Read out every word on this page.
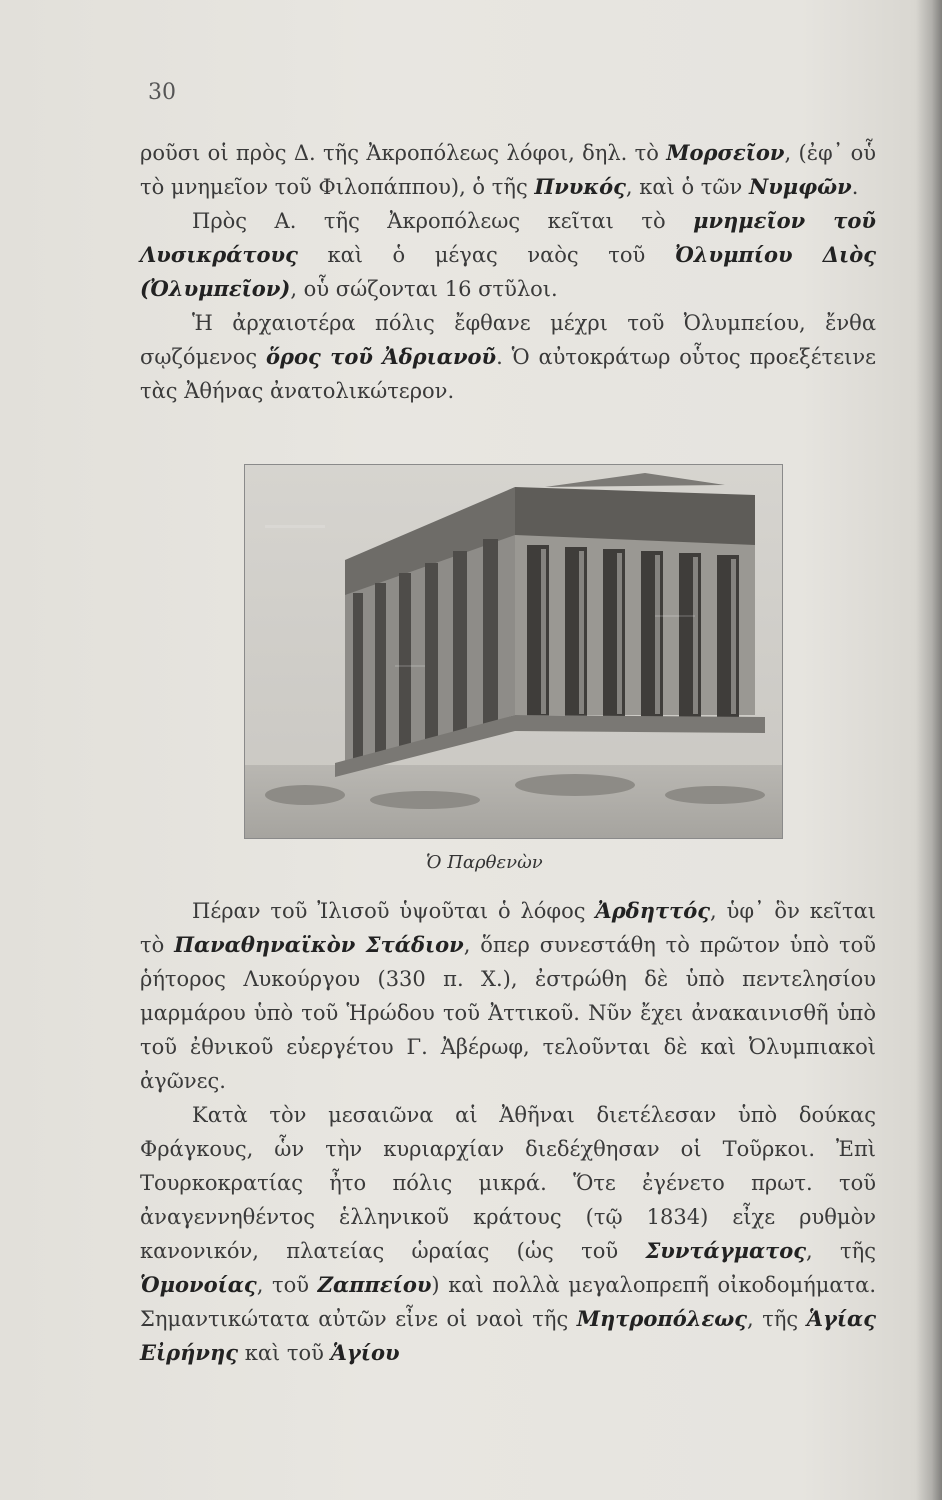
30

ροῦσι οἱ πρὸς Δ. τῆς Ἀκροπόλεως λόφοι, δηλ. τὸ Μορσεῖον, (ἐφ᾿ οὗ τὸ μνημεῖον τοῦ Φιλοπάππου), ὁ τῆς Πνυκός, καὶ ὁ τῶν Νυμφῶν.

Πρὸς Α. τῆς Ἀκροπόλεως κεῖται τὸ μνημεῖον τοῦ Λυσικράτους καὶ ὁ μέγας ναὸς τοῦ Ὀλυμπίου Διὸς (Ὀλυμπεῖον), οὗ σώζονται 16 στῦλοι.

Ἡ ἀρχαιοτέρα πόλις ἔφθανε μέχρι τοῦ Ὀλυμπείου, ἔνθα σῳζόμενος ὅρος τοῦ Ἀδριανοῦ. Ὁ αὐτοκράτωρ οὗτος προεξέτεινε τὰς Ἀθήνας ἀνατολικώτερον.

Ὁ Παρθενὼν

Πέραν τοῦ Ἰλισοῦ ὑψοῦται ὁ λόφος Ἀρδηττός, ὑφ᾿ ὃν κεῖται τὸ Παναθηναϊκὸν Στάδιον, ὅπερ συνεστάθη τὸ πρῶτον ὑπὸ τοῦ ῥήτορος Λυκούργου (330 π. Χ.), ἐστρώθη δὲ ὑπὸ πεντελησίου μαρμάρου ὑπὸ τοῦ Ἡρώδου τοῦ Ἀττικοῦ. Νῦν ἔχει ἀνακαινισθῆ ὑπὸ τοῦ ἐθνικοῦ εὐεργέτου Γ. Ἀβέρωφ, τελοῦνται δὲ καὶ Ὀλυμπιακοὶ ἀγῶνες.

Κατὰ τὸν μεσαιῶνα αἱ Ἀθῆναι διετέλεσαν ὑπὸ δούκας Φράγκους, ὧν τὴν κυριαρχίαν διεδέχθησαν οἱ Τοῦρκοι. Ἐπὶ Τουρκοκρατίας ἦτο πόλις μικρά. Ὅτε ἐγένετο πρωτ. τοῦ ἀναγεννηθέντος ἑλληνικοῦ κράτους (τῷ 1834) εἶχε ρυθμὸν κανονικόν, πλατείας ὡραίας (ὡς τοῦ Συντάγματος, τῆς Ὁμονοίας, τοῦ Ζαππείου) καὶ πολλὰ μεγαλοπρεπῆ οἰκοδομήματα. Σημαντικώτατα αὐτῶν εἶνε οἱ ναοὶ τῆς Μητροπόλεως, τῆς Ἁγίας Εἰρήνης καὶ τοῦ Ἁγίου
